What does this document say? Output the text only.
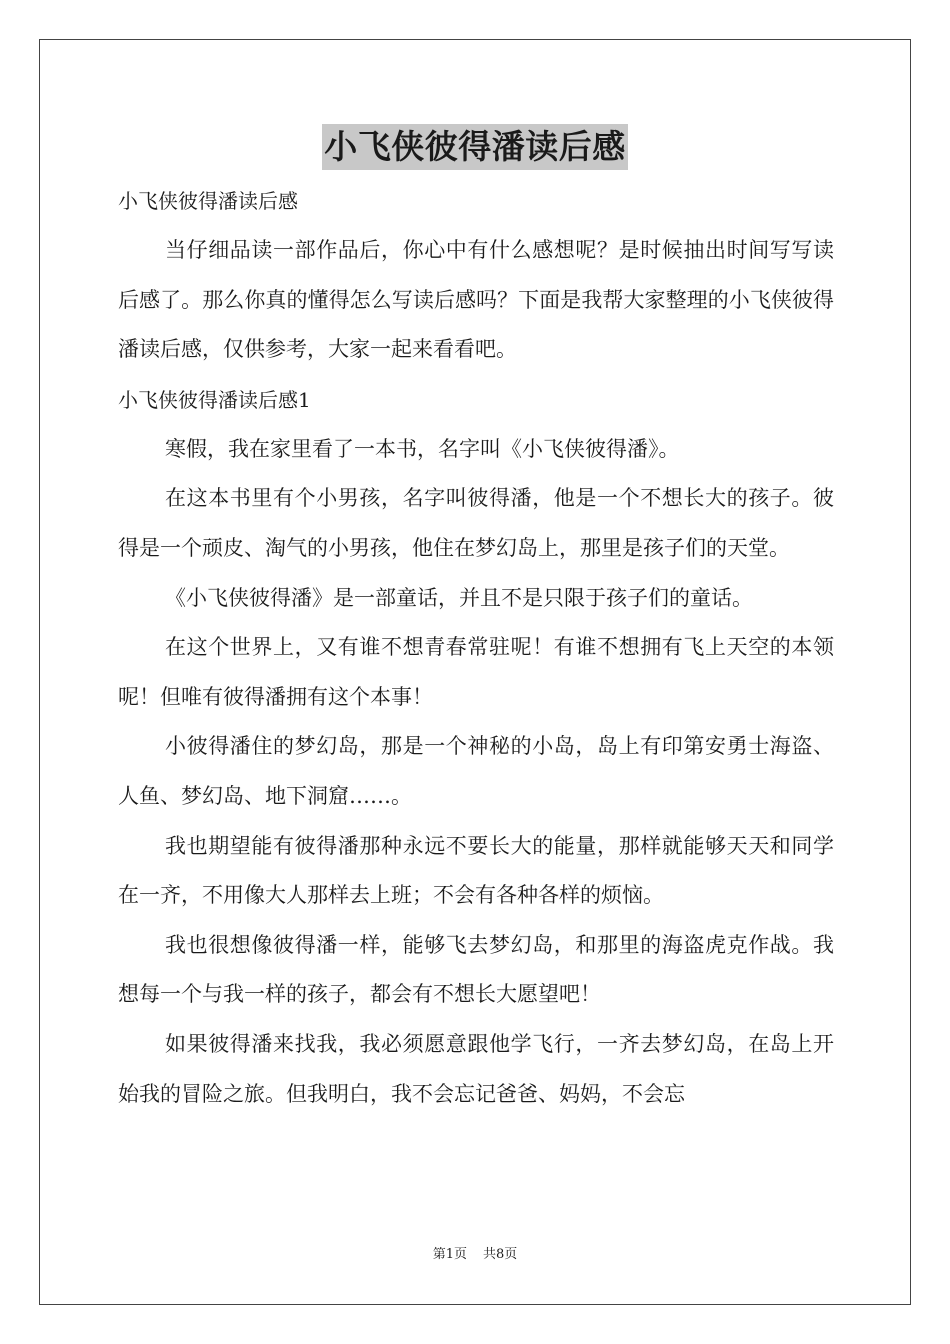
小飞侠彼得潘读后感
小飞侠彼得潘读后感

当仔细品读一部作品后，你心中有什么感想呢？是时候抽出时间写写读后感了。那么你真的懂得怎么写读后感吗？下面是我帮大家整理的小飞侠彼得潘读后感，仅供参考，大家一起来看看吧。

小飞侠彼得潘读后感1

寒假，我在家里看了一本书，名字叫《小飞侠彼得潘》。

在这本书里有个小男孩，名字叫彼得潘，他是一个不想长大的孩子。彼得是一个顽皮、淘气的小男孩，他住在梦幻岛上，那里是孩子们的天堂。

《小飞侠彼得潘》是一部童话，并且不是只限于孩子们的童话。

在这个世界上，又有谁不想青春常驻呢！有谁不想拥有飞上天空的本领呢！但唯有彼得潘拥有这个本事！

小彼得潘住的梦幻岛，那是一个神秘的小岛，岛上有印第安勇士海盗、人鱼、梦幻岛、地下洞窟……。

我也期望能有彼得潘那种永远不要长大的能量，那样就能够天天和同学在一齐，不用像大人那样去上班；不会有各种各样的烦恼。

我也很想像彼得潘一样，能够飞去梦幻岛，和那里的海盗虎克作战。我想每一个与我一样的孩子，都会有不想长大愿望吧！

如果彼得潘来找我，我必须愿意跟他学飞行，一齐去梦幻岛，在岛上开始我的冒险之旅。但我明白，我不会忘记爸爸、妈妈，不会忘

第1页 共8页
